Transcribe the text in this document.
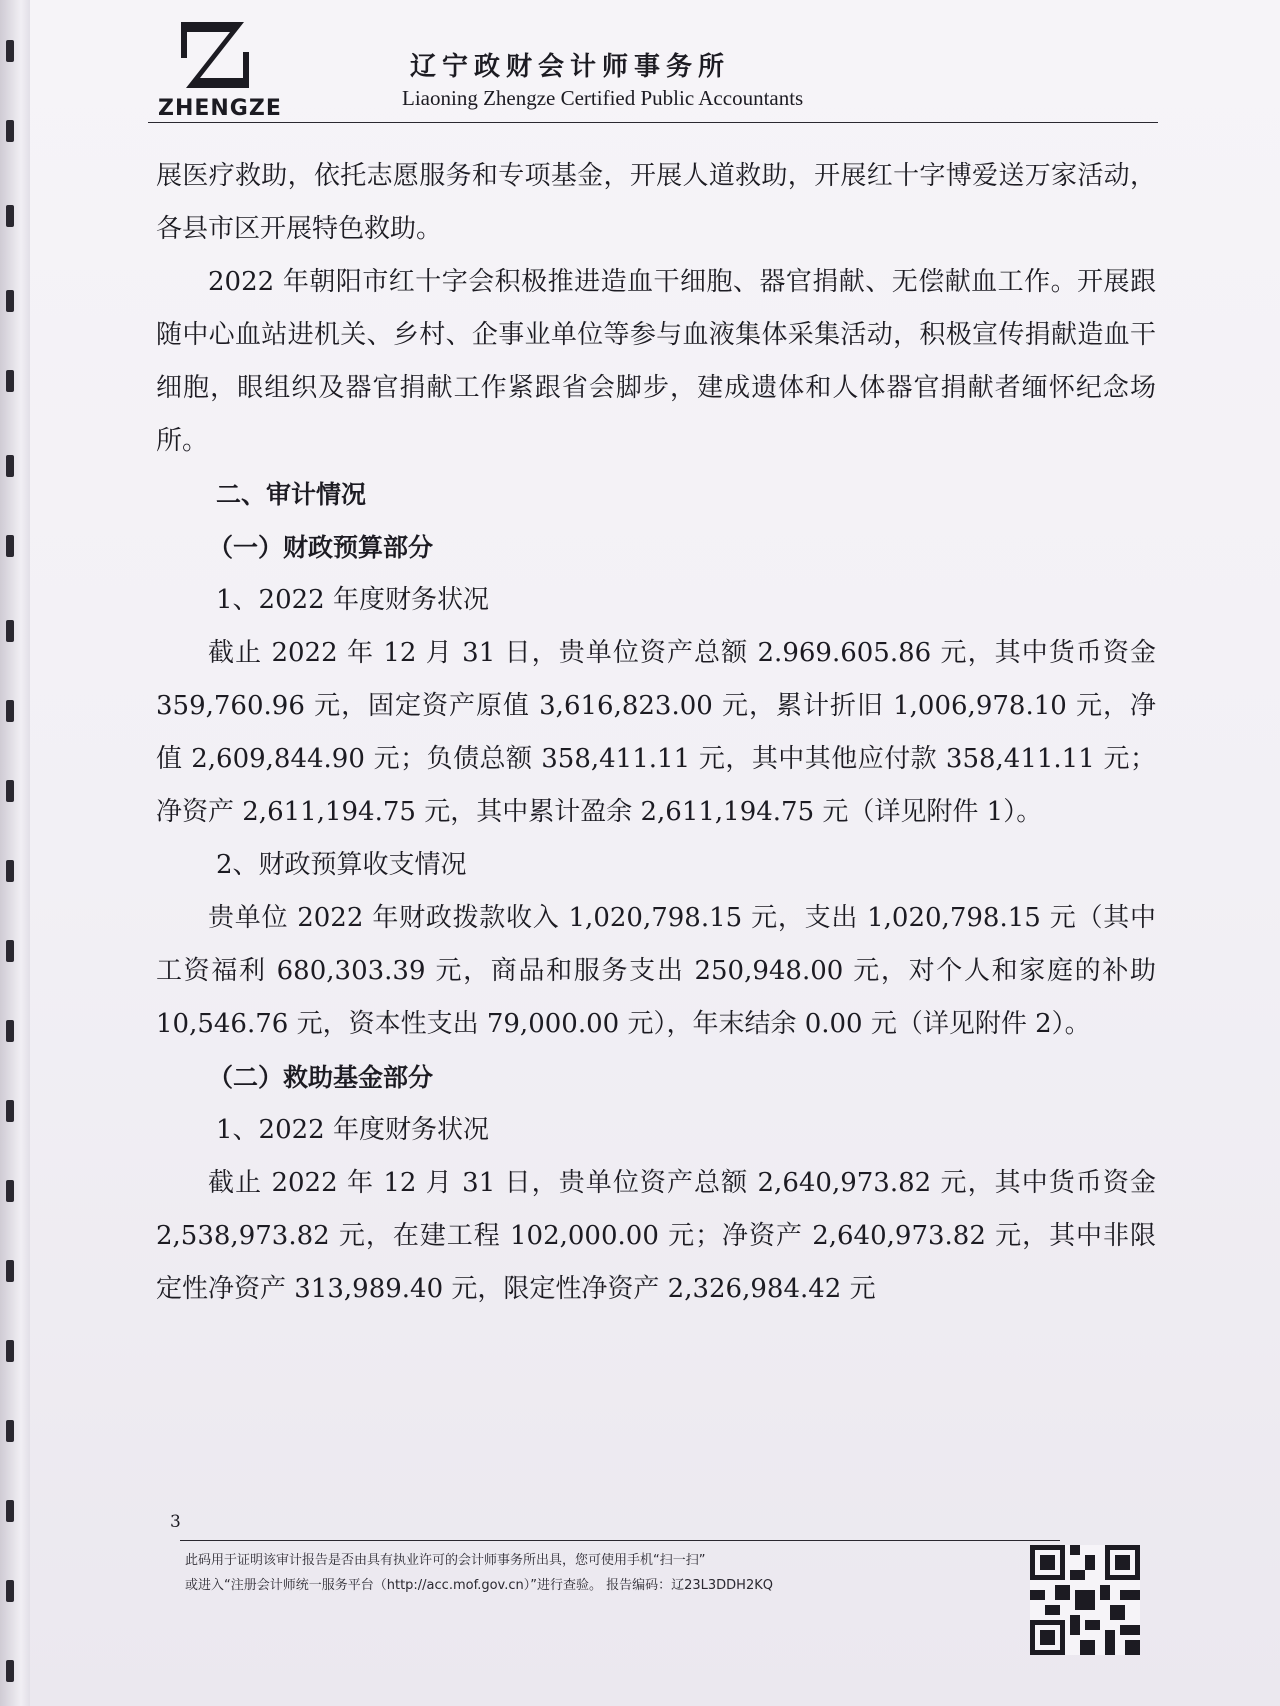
ZHENGZE
辽宁政财会计师事务所
Liaoning Zhengze Certified Public Accountants

展医疗救助，依托志愿服务和专项基金，开展人道救助，开展红十字博爱送万家活动，各县市区开展特色救助。

2022 年朝阳市红十字会积极推进造血干细胞、器官捐献、无偿献血工作。开展跟随中心血站进机关、乡村、企事业单位等参与血液集体采集活动，积极宣传捐献造血干细胞，眼组织及器官捐献工作紧跟省会脚步，建成遗体和人体器官捐献者缅怀纪念场所。

二、审计情况

（一）财政预算部分

1、2022 年度财务状况

截止 2022 年 12 月 31 日，贵单位资产总额 2.969.605.86 元，其中货币资金 359,760.96 元，固定资产原值 3,616,823.00 元，累计折旧 1,006,978.10 元，净值 2,609,844.90 元；负债总额 358,411.11 元，其中其他应付款 358,411.11 元；净资产 2,611,194.75 元，其中累计盈余 2,611,194.75 元（详见附件 1）。

2、财政预算收支情况

贵单位 2022 年财政拨款收入 1,020,798.15 元，支出 1,020,798.15 元（其中工资福利 680,303.39 元，商品和服务支出 250,948.00 元，对个人和家庭的补助 10,546.76 元，资本性支出 79,000.00 元），年末结余 0.00 元（详见附件 2）。

（二）救助基金部分

1、2022 年度财务状况

截止 2022 年 12 月 31 日，贵单位资产总额 2,640,973.82 元，其中货币资金 2,538,973.82 元，在建工程 102,000.00 元；净资产 2,640,973.82 元，其中非限定性净资产 313,989.40 元，限定性净资产 2,326,984.42 元

3
此码用于证明该审计报告是否由具有执业许可的会计师事务所出具，您可使用手机“扫一扫”
或进入“注册会计师统一服务平台（http://acc.mof.gov.cn）”进行查验。 报告编码：辽23L3DDH2KQ
